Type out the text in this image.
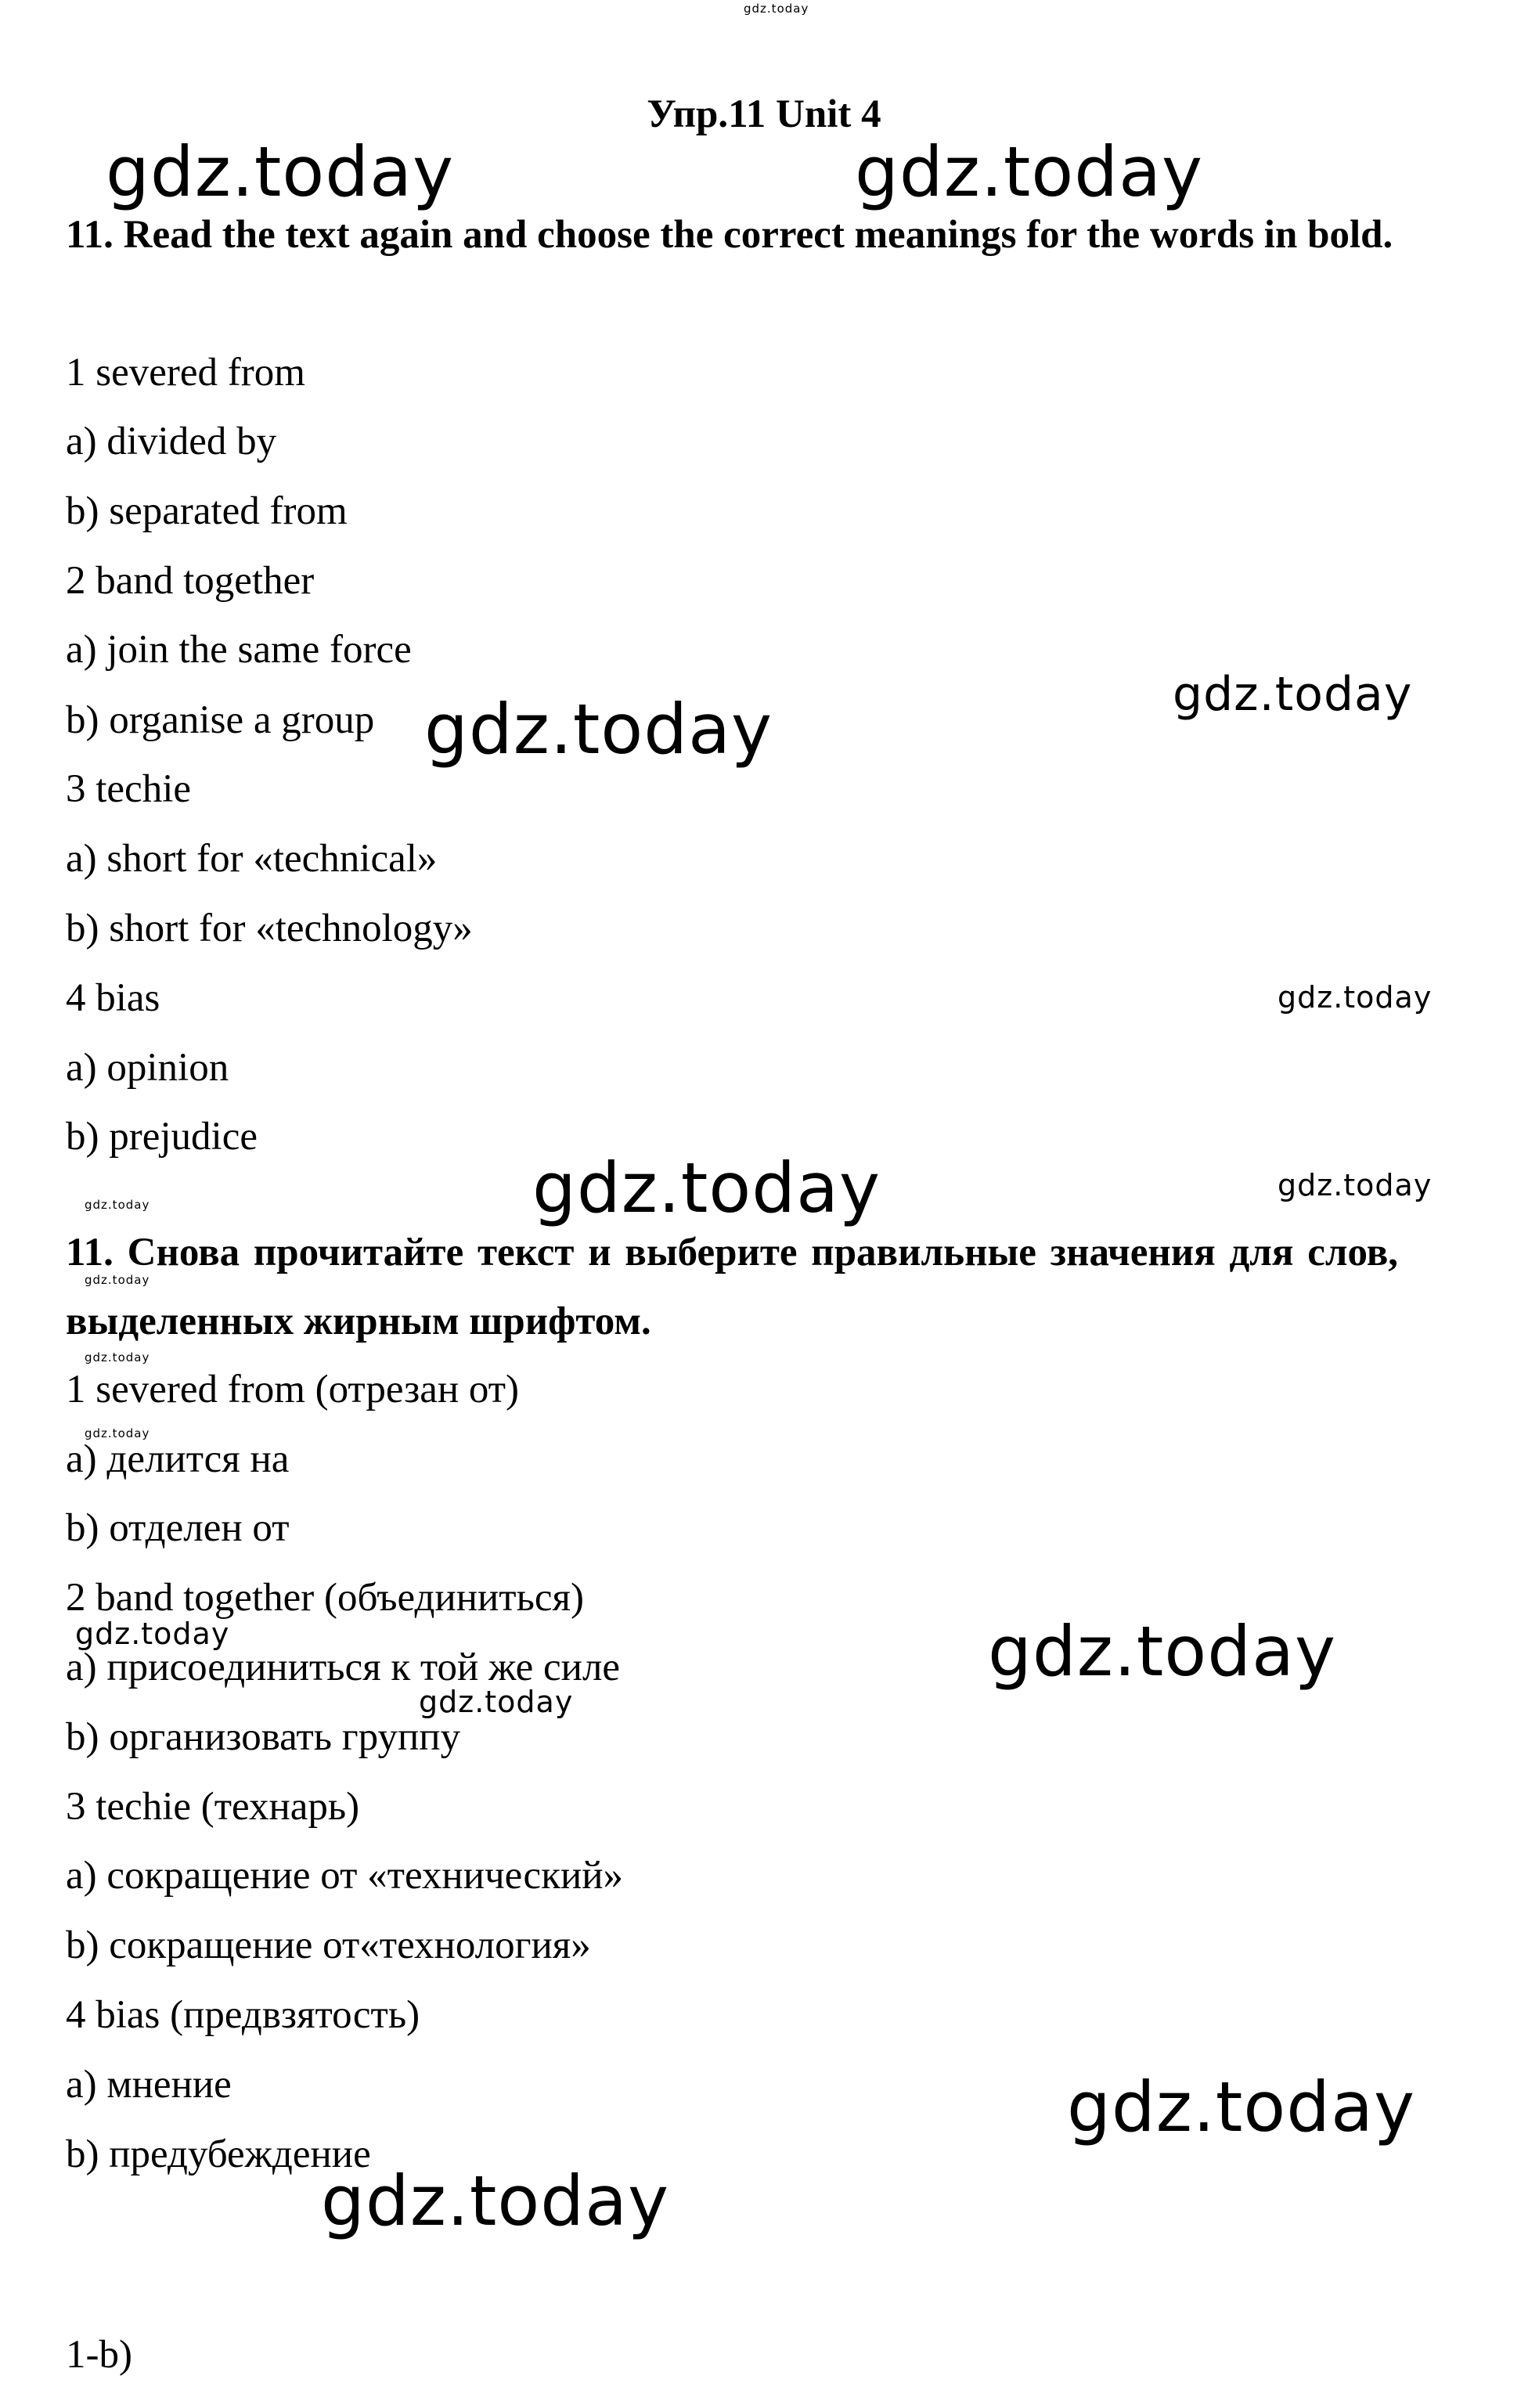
Упр.11 Unit 4
11. Read the text again and choose the correct meanings for the words in bold.
1 severed from
a) divided by
b) separated from
2 band together
a) join the same force
b) organise a group
3 techie
a) short for «technical»
b) short for «technology»
4 bias
a) opinion
b) prejudice
11. Снова прочитайте текст и выберите правильные значения для слов, выделенных жирным шрифтом.
1 severed from (отрезан от)
a) делится на
b) отделен от
2 band together (объединиться)
a) присоединиться к той же силе
b) организовать группу
3 techie (технарь)
a) сокращение от «технический»
b) сокращение от«технология»
4 bias (предвзятость)
a) мнение
b) предубеждение
1-b)
gdz.today
gdz.today	gdz.today
gdz.today
gdz.today
gdz.today
gdz.today	gdz.today
gdz.today
gdz.today
gdz.today
gdz.today
gdz.today	gdz.today
gdz.today
gdz.today
gdz.today
